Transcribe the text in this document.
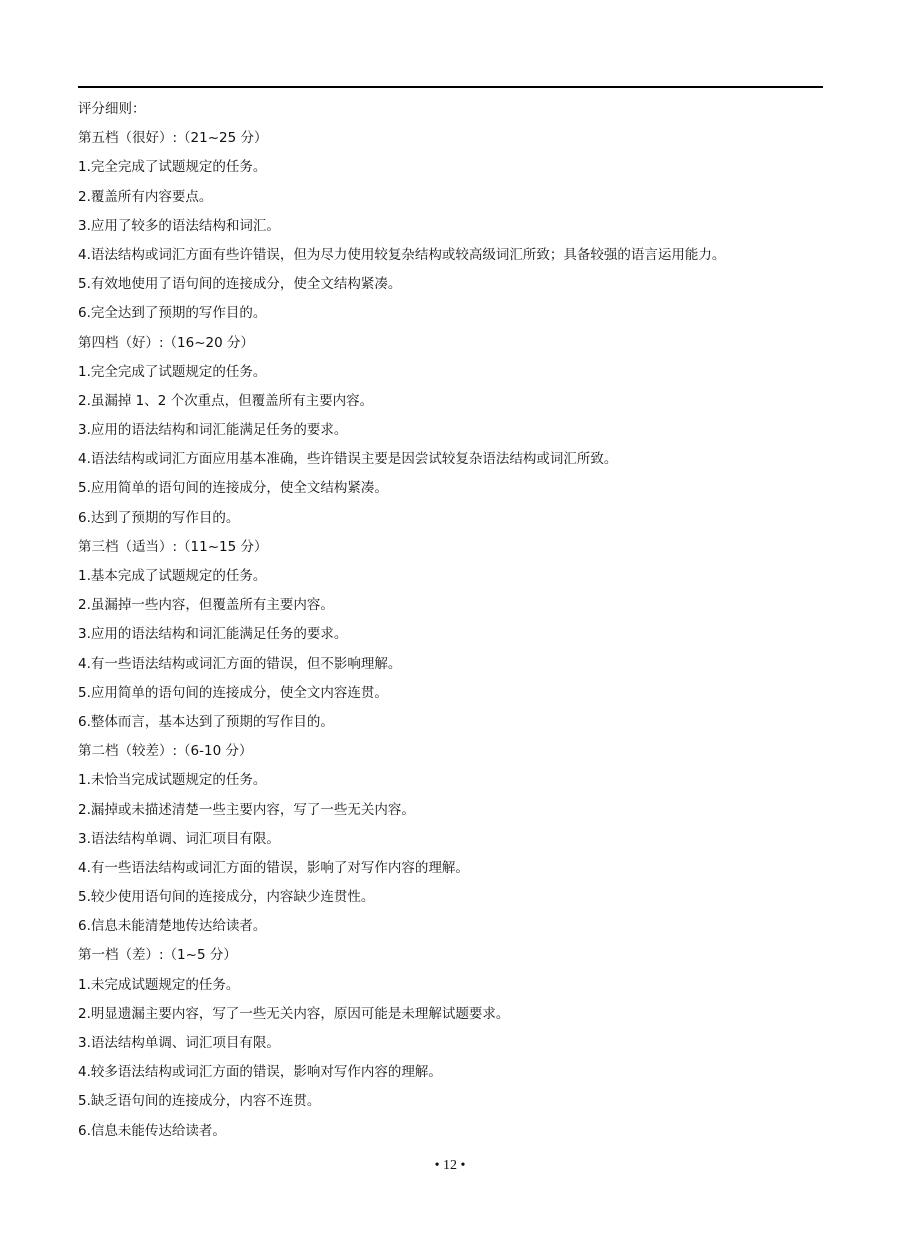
评分细则：
第五档（很好）:（21~25 分）
1.完全完成了试题规定的任务。
2.覆盖所有内容要点。
3.应用了较多的语法结构和词汇。
4.语法结构或词汇方面有些许错误，但为尽力使用较复杂结构或较高级词汇所致；具备较强的语言运用能力。
5.有效地使用了语句间的连接成分，使全文结构紧凑。
6.完全达到了预期的写作目的。
第四档（好）:（16~20 分）
1.完全完成了试题规定的任务。
2.虽漏掉 1、2 个次重点，但覆盖所有主要内容。
3.应用的语法结构和词汇能满足任务的要求。
4.语法结构或词汇方面应用基本准确，些许错误主要是因尝试较复杂语法结构或词汇所致。
5.应用简单的语句间的连接成分，使全文结构紧凑。
6.达到了预期的写作目的。
第三档（适当）:（11~15 分）
1.基本完成了试题规定的任务。
2.虽漏掉一些内容，但覆盖所有主要内容。
3.应用的语法结构和词汇能满足任务的要求。
4.有一些语法结构或词汇方面的错误，但不影响理解。
5.应用简单的语句间的连接成分，使全文内容连贯。
6.整体而言，基本达到了预期的写作目的。
第二档（较差）:（6-10 分）
1.未恰当完成试题规定的任务。
2.漏掉或未描述清楚一些主要内容，写了一些无关内容。
3.语法结构单调、词汇项目有限。
4.有一些语法结构或词汇方面的错误，影响了对写作内容的理解。
5.较少使用语句间的连接成分，内容缺少连贯性。
6.信息未能清楚地传达给读者。
第一档（差）:（1~5 分）
1.未完成试题规定的任务。
2.明显遗漏主要内容，写了一些无关内容，原因可能是未理解试题要求。
3.语法结构单调、词汇项目有限。
4.较多语法结构或词汇方面的错误，影响对写作内容的理解。
5.缺乏语句间的连接成分，内容不连贯。
6.信息未能传达给读者。
• 12 •
